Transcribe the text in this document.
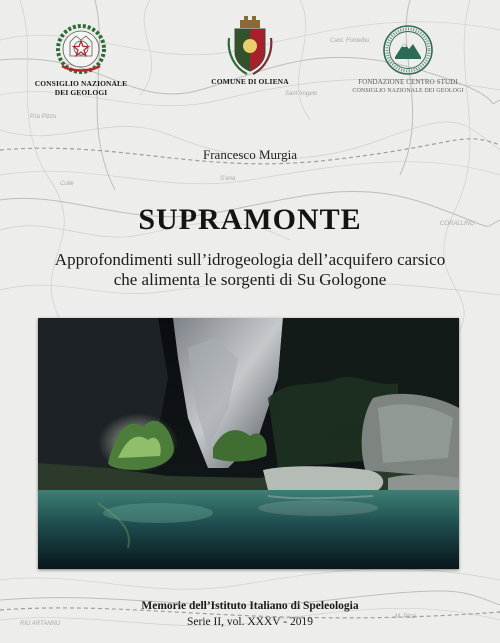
Cant. Fontelbu
Sant’Angelo
P.ta Pizzu
CORALLINU
RIU ARTANNU
M. Pizzi
Cuile
S’ena
CONSIGLIO NAZIONALE
DEI GEOLOGI
COMUNE DI OLIENA	FONDAZIONE CENTRO STUDI
CONSIGLIO NAZIONALE DEI GEOLOGI
Francesco Murgia
SUPRAMONTE
Approfondimenti sull’idrogeologia dell’acquifero carsico
che alimenta le sorgenti di Su Gologone
Memorie dell’Istituto Italiano di Speleologia
Serie II, vol. XXXV - 2019
